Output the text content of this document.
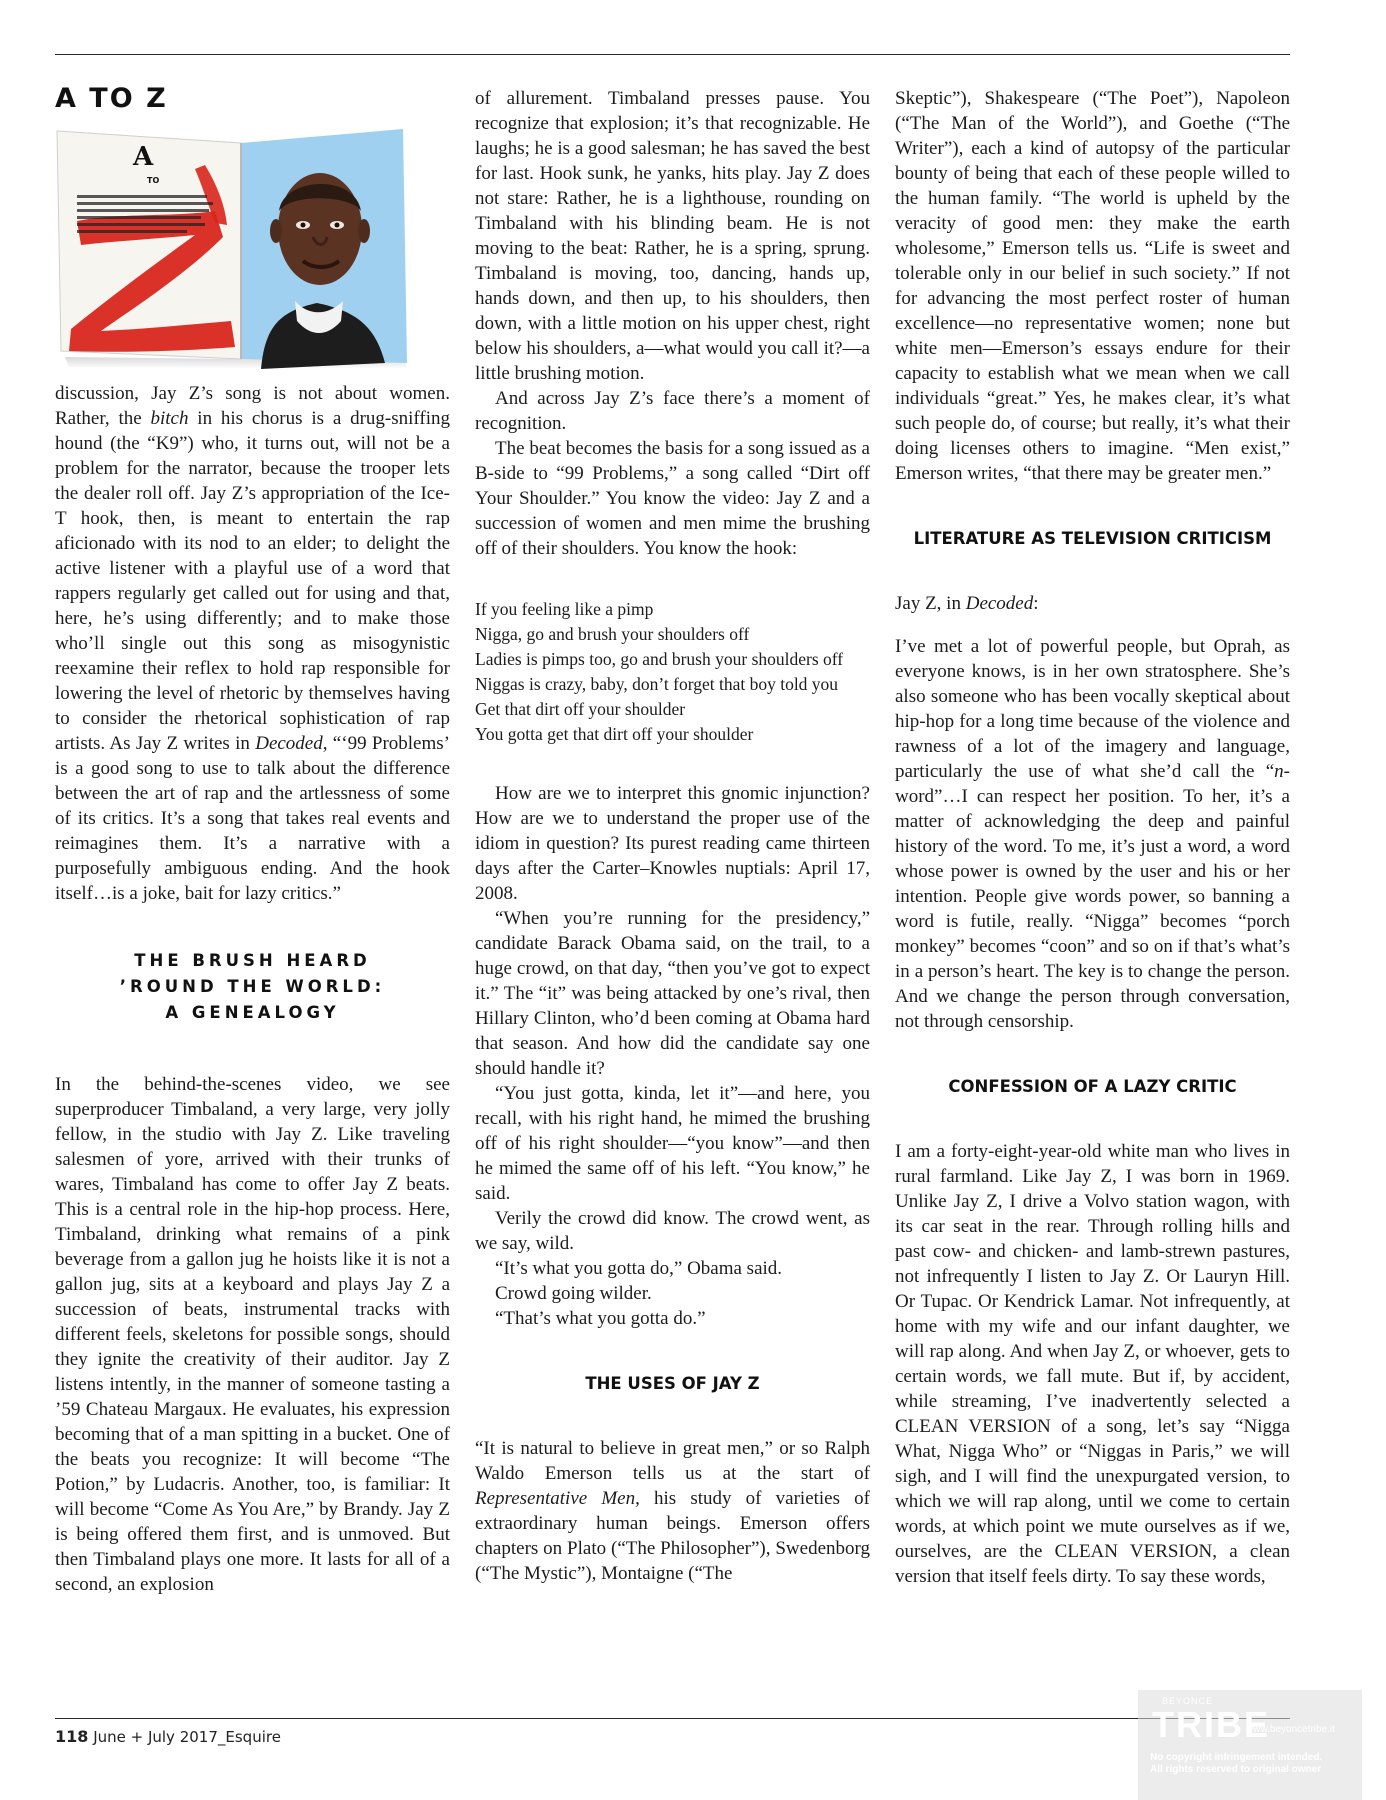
A TO Z
A
TO

discussion, Jay Z’s song is not about women. Rather, the bitch in his chorus is a drug-sniffing hound (the “K9”) who, it turns out, will not be a problem for the narrator, because the trooper lets the dealer roll off. Jay Z’s appropriation of the Ice-T hook, then, is meant to entertain the rap aficionado with its nod to an elder; to delight the active listener with a playful use of a word that rappers regularly get called out for using and that, here, he’s using differently; and to make those who’ll single out this song as misogynistic reexamine their reflex to hold rap responsible for lowering the level of rhetoric by themselves having to consider the rhetorical sophistication of rap artists. As Jay Z writes in Decoded, “‘99 Problems’ is a good song to use to talk about the difference between the art of rap and the artlessness of some of its critics. It’s a song that takes real events and reimagines them. It’s a narrative with a purposefully ambiguous ending. And the hook itself…is a joke, bait for lazy critics.”

THE BRUSH HEARD
’ROUND THE WORLD:
A GENEALOGY

In the behind-the-scenes video, we see superproducer Timbaland, a very large, very jolly fellow, in the studio with Jay Z. Like traveling salesmen of yore, arrived with their trunks of wares, Timbaland has come to offer Jay Z beats. This is a central role in the hip-hop process. Here, Timbaland, drinking what remains of a pink beverage from a gallon jug he hoists like it is not a gallon jug, sits at a keyboard and plays Jay Z a succession of beats, instrumental tracks with different feels, skeletons for possible songs, should they ignite the creativity of their auditor. Jay Z listens intently, in the manner of someone tasting a ’59 Chateau Margaux. He evaluates, his expression becoming that of a man spitting in a bucket. One of the beats you recognize: It will become “The Potion,” by Ludacris. Another, too, is familiar: It will become “Come As You Are,” by Brandy. Jay Z is being offered them first, and is unmoved. But then Timbaland plays one more. It lasts for all of a second, an explosion

of allurement. Timbaland presses pause. You recognize that explosion; it’s that recognizable. He laughs; he is a good salesman; he has saved the best for last. Hook sunk, he yanks, hits play. Jay Z does not stare: Rather, he is a lighthouse, rounding on Timbaland with his blinding beam. He is not moving to the beat: Rather, he is a spring, sprung. Timbaland is moving, too, dancing, hands up, hands down, and then up, to his shoulders, then down, with a little motion on his upper chest, right below his shoulders, a—what would you call it?—a little brushing motion.

And across Jay Z’s face there’s a moment of recognition.

The beat becomes the basis for a song issued as a B-side to “99 Problems,” a song called “Dirt off Your Shoulder.” You know the video: Jay Z and a succession of women and men mime the brushing off of their shoulders. You know the hook:

If you feeling like a pimp
Nigga, go and brush your shoulders off
Ladies is pimps too, go and brush your shoulders off
Niggas is crazy, baby, don’t forget that boy told you
Get that dirt off your shoulder
You gotta get that dirt off your shoulder

How are we to interpret this gnomic injunction? How are we to understand the proper use of the idiom in question? Its purest reading came thirteen days after the Carter–Knowles nuptials: April 17, 2008.

“When you’re running for the presidency,” candidate Barack Obama said, on the trail, to a huge crowd, on that day, “then you’ve got to expect it.” The “it” was being attacked by one’s rival, then Hillary Clinton, who’d been coming at Obama hard that season. And how did the candidate say one should handle it?

“You just gotta, kinda, let it”—and here, you recall, with his right hand, he mimed the brushing off of his right shoulder—“you know”—and then he mimed the same off of his left. “You know,” he said.

Verily the crowd did know. The crowd went, as we say, wild.

“It’s what you gotta do,” Obama said.

Crowd going wilder.

“That’s what you gotta do.”

THE USES OF JAY Z

“It is natural to believe in great men,” or so Ralph Waldo Emerson tells us at the start of Representative Men, his study of varieties of extraordinary human beings. Emerson offers chapters on Plato (“The Philosopher”), Swedenborg (“The Mystic”), Montaigne (“The

Skeptic”), Shakespeare (“The Poet”), Napoleon (“The Man of the World”), and Goethe (“The Writer”), each a kind of autopsy of the particular bounty of being that each of these people willed to the human family. “The world is upheld by the veracity of good men: they make the earth wholesome,” Emerson tells us. “Life is sweet and tolerable only in our belief in such society.” If not for advancing the most perfect roster of human excellence—no representative women; none but white men—Emerson’s essays endure for their capacity to establish what we mean when we call individuals “great.” Yes, he makes clear, it’s what such people do, of course; but really, it’s what their doing licenses others to imagine. “Men exist,” Emerson writes, “that there may be greater men.”

LITERATURE AS TELEVISION CRITICISM

Jay Z, in Decoded:

I’ve met a lot of powerful people, but Oprah, as everyone knows, is in her own stratosphere. She’s also someone who has been vocally skeptical about hip-hop for a long time because of the violence and rawness of a lot of the imagery and language, particularly the use of what she’d call the “n-word”…I can respect her position. To her, it’s a matter of acknowledging the deep and painful history of the word. To me, it’s just a word, a word whose power is owned by the user and his or her intention. People give words power, so banning a word is futile, really. “Nigga” becomes “porch monkey” becomes “coon” and so on if that’s what’s in a person’s heart. The key is to change the person. And we change the person through conversation, not through censorship.

CONFESSION OF A LAZY CRITIC

I am a forty-eight-year-old white man who lives in rural farmland. Like Jay Z, I was born in 1969. Unlike Jay Z, I drive a Volvo station wagon, with its car seat in the rear. Through rolling hills and past cow- and chicken- and lamb-strewn pastures, not infrequently I listen to Jay Z. Or Lauryn Hill. Or Tupac. Or Kendrick Lamar. Not infrequently, at home with my wife and our infant daughter, we will rap along. And when Jay Z, or whoever, gets to certain words, we fall mute. But if, by accident, while streaming, I’ve inadvertently selected a CLEAN VERSION of a song, let’s say “Nigga What, Nigga Who” or “Niggas in Paris,” we will sigh, and I will find the unexpurgated version, to which we will rap along, until we come to certain words, at which point we mute ourselves as if we, ourselves, are the CLEAN VERSION, a clean version that itself feels dirty. To say these words,

118 June + July 2017_Esquire
BEYONCE
TRIBE
www.beyoncetribe.it
No copyright infringement intended.
All rights reserved to original owner
